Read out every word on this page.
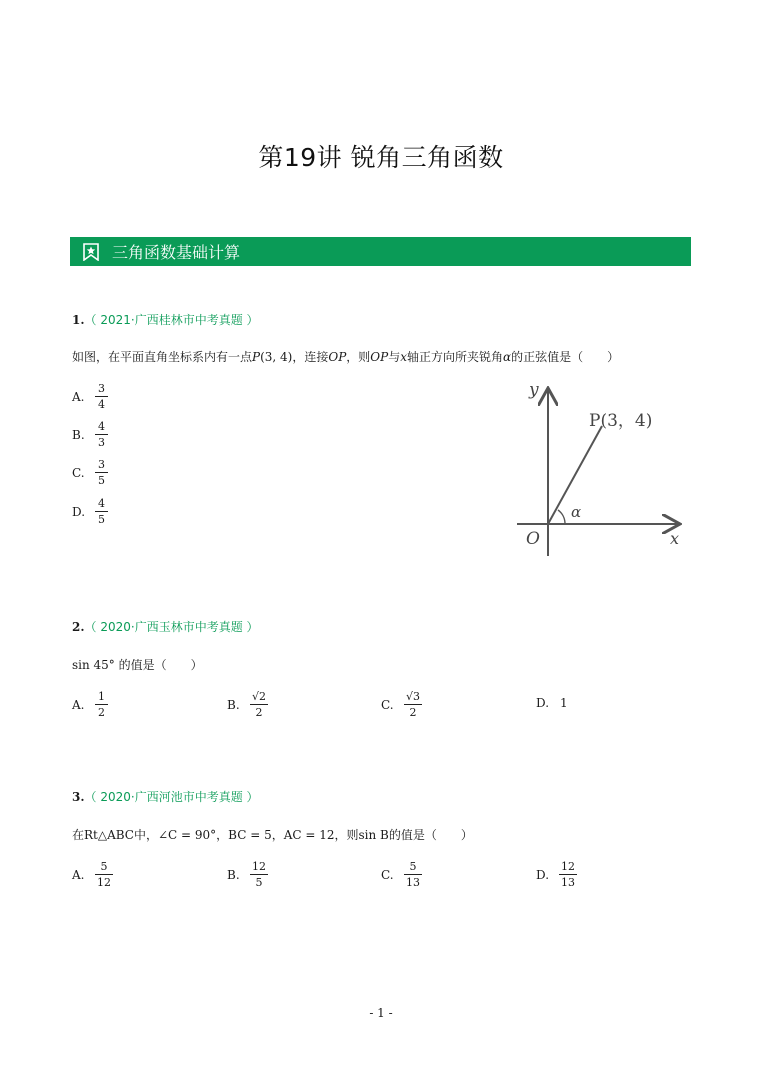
第19讲 锐角三角函数
三角函数基础计算
1.（ 2021·广西桂林市中考真题 ）
如图，在平面直角坐标系内有一点P(3, 4)，连接OP，则OP与x轴正方向所夹锐角α的正弦值是（　　）
A.	$\frac{3}{4}$
B.	$\frac{4}{3}$
C.	$\frac{3}{5}$
D. $\frac{4}{5}$
y
x
O
P(3，4)
α
2.（ 2020·广西玉林市中考真题 ）
sin 45° 的值是（　　）
A.	$\frac{1}{2}$	B.	$\frac{√2}{2}$	C.	$\frac{√3}{2}$	D. 1
3.（ 2020·广西河池市中考真题 ）
在Rt△ABC中，∠C = 90°，BC = 5，AC = 12，则sin B的值是（　　）
A.	$\frac{5}{12}$	B.	$\frac{12}{5}$	C.	$\frac{5}{13}$	D. $\frac{12}{13}$
- 1 -
